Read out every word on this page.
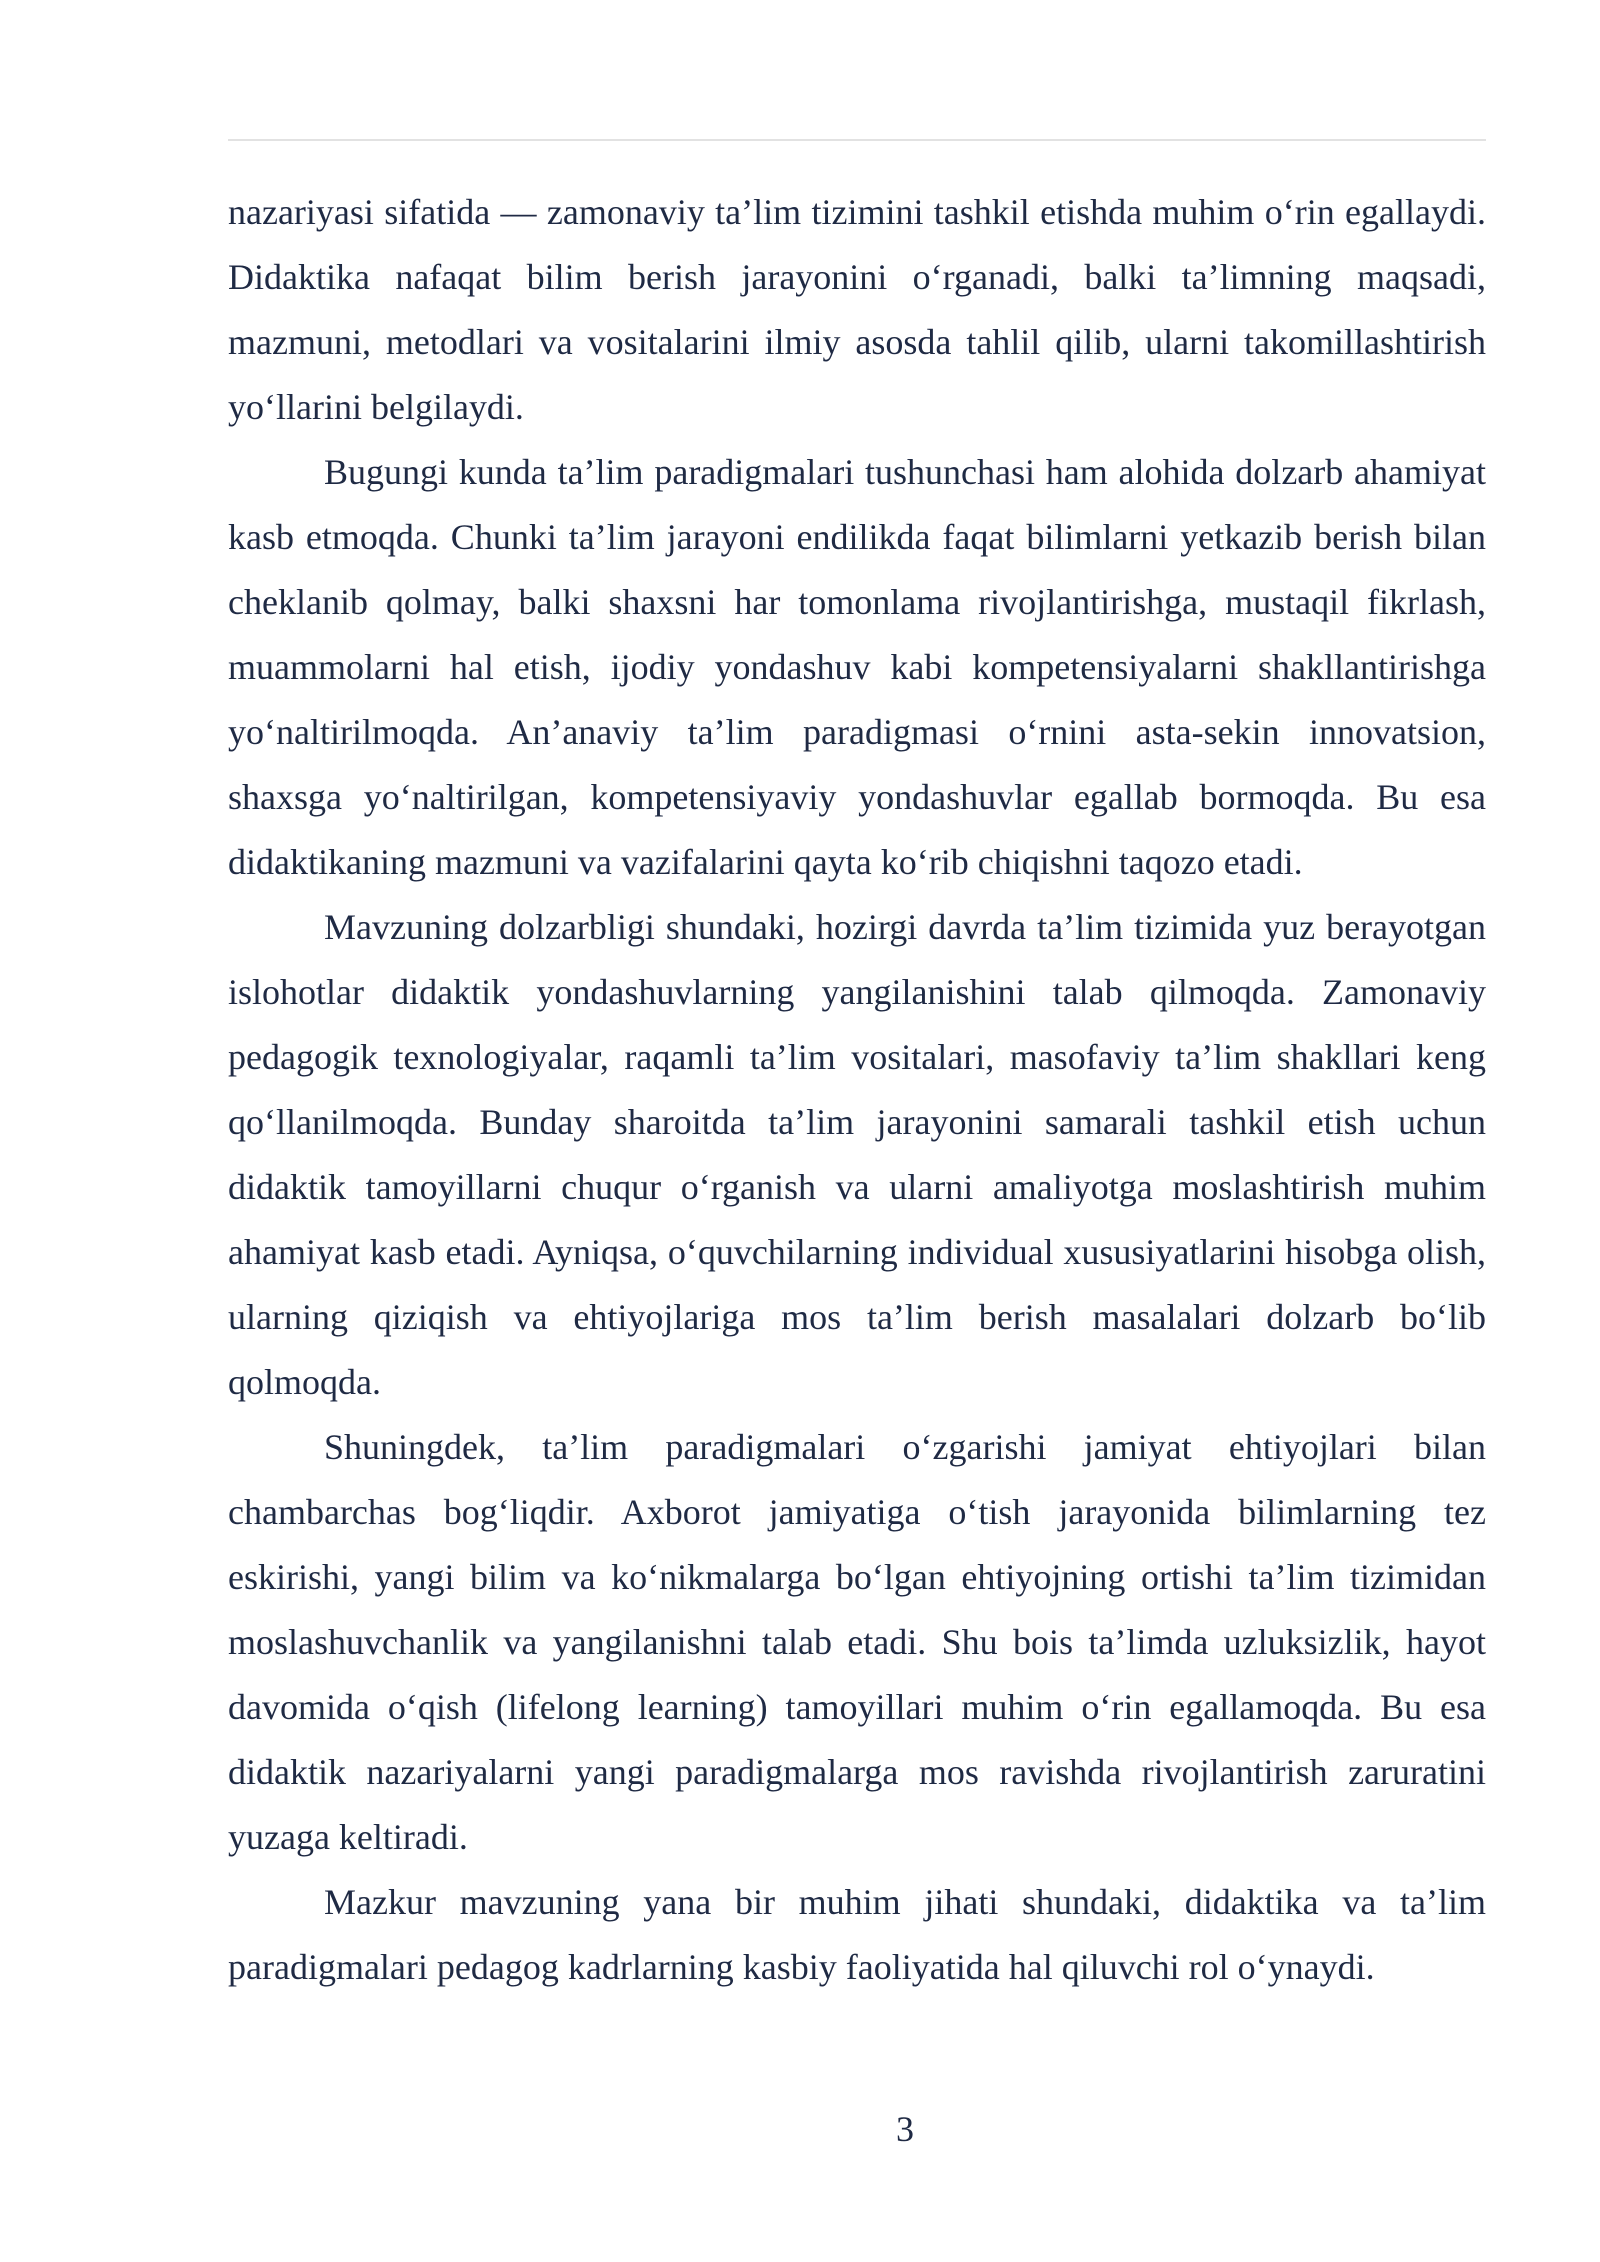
nazariyasi sifatida — zamonaviy ta’lim tizimini tashkil etishda muhim o‘rin egallaydi. Didaktika nafaqat bilim berish jarayonini o‘rganadi, balki ta’limning maqsadi, mazmuni, metodlari va vositalarini ilmiy asosda tahlil qilib, ularni takomillashtirish yo‘llarini belgilaydi.

Bugungi kunda ta’lim paradigmalari tushunchasi ham alohida dolzarb ahamiyat kasb etmoqda. Chunki ta’lim jarayoni endilikda faqat bilimlarni yetkazib berish bilan cheklanib qolmay, balki shaxsni har tomonlama rivojlantirishga, mustaqil fikrlash, muammolarni hal etish, ijodiy yondashuv kabi kompetensiyalarni shakllantirishga yo‘naltirilmoqda. An’anaviy ta’lim paradigmasi o‘rnini asta-sekin innovatsion, shaxsga yo‘naltirilgan, kompetensiyaviy yondashuvlar egallab bormoqda. Bu esa didaktikaning mazmuni va vazifalarini qayta ko‘rib chiqishni taqozo etadi.

Mavzuning dolzarbligi shundaki, hozirgi davrda ta’lim tizimida yuz berayotgan islohotlar didaktik yondashuvlarning yangilanishini talab qilmoqda. Zamonaviy pedagogik texnologiyalar, raqamli ta’lim vositalari, masofaviy ta’lim shakllari keng qo‘llanilmoqda. Bunday sharoitda ta’lim jarayonini samarali tashkil etish uchun didaktik tamoyillarni chuqur o‘rganish va ularni amaliyotga moslashtirish muhim ahamiyat kasb etadi. Ayniqsa, o‘quvchilarning individual xususiyatlarini hisobga olish, ularning qiziqish va ehtiyojlariga mos ta’lim berish masalalari dolzarb bo‘lib qolmoqda.

Shuningdek, ta’lim paradigmalari o‘zgarishi jamiyat ehtiyojlari bilan chambarchas bog‘liqdir. Axborot jamiyatiga o‘tish jarayonida bilimlarning tez eskirishi, yangi bilim va ko‘nikmalarga bo‘lgan ehtiyojning ortishi ta’lim tizimidan moslashuvchanlik va yangilanishni talab etadi. Shu bois ta’limda uzluksizlik, hayot davomida o‘qish (lifelong learning) tamoyillari muhim o‘rin egallamoqda. Bu esa didaktik nazariyalarni yangi paradigmalarga mos ravishda rivojlantirish zaruratini yuzaga keltiradi.

Mazkur mavzuning yana bir muhim jihati shundaki, didaktika va ta’lim paradigmalari pedagog kadrlarning kasbiy faoliyatida hal qiluvchi rol o‘ynaydi.

3
